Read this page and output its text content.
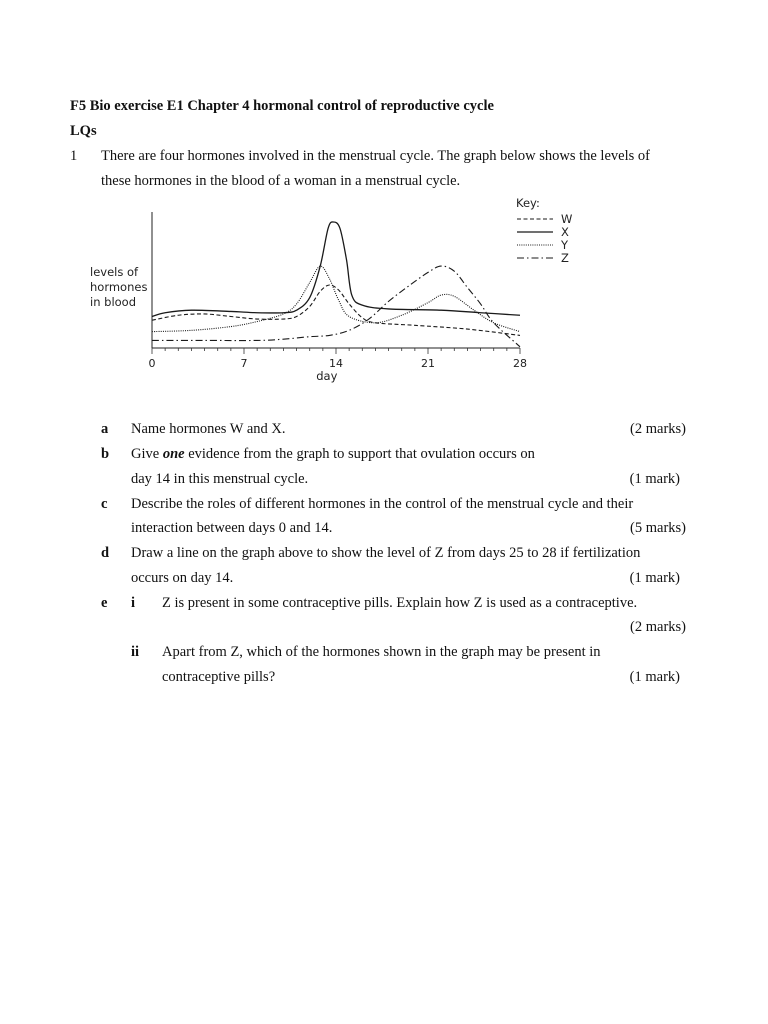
F5 Bio exercise E1 Chapter 4 hormonal control of reproductive cycle
LQs
1 There are four hormones involved in the menstrual cycle. The graph below shows the levels of
these hormones in the blood of a woman in a menstrual cycle.
0	7	14	21	28
day
levels of
hormones
in blood
Key:
W
X
Y
Z
a Name hormones W and X.	(2 marks)
b Give one evidence from the graph to support that ovulation occurs on
day 14 in this menstrual cycle.	(1 mark)
c Describe the roles of different hormones in the control of the menstrual cycle and their
interaction between days 0 and 14.	(5 marks)
d Draw a line on the graph above to show the level of Z from days 25 to 28 if fertilization
occurs on day 14.	(1 mark)
e i Z is present in some contraceptive pills. Explain how Z is used as a contraceptive.
(2 marks)
ii Apart from Z, which of the hormones shown in the graph may be present in
contraceptive pills?	(1 mark)
